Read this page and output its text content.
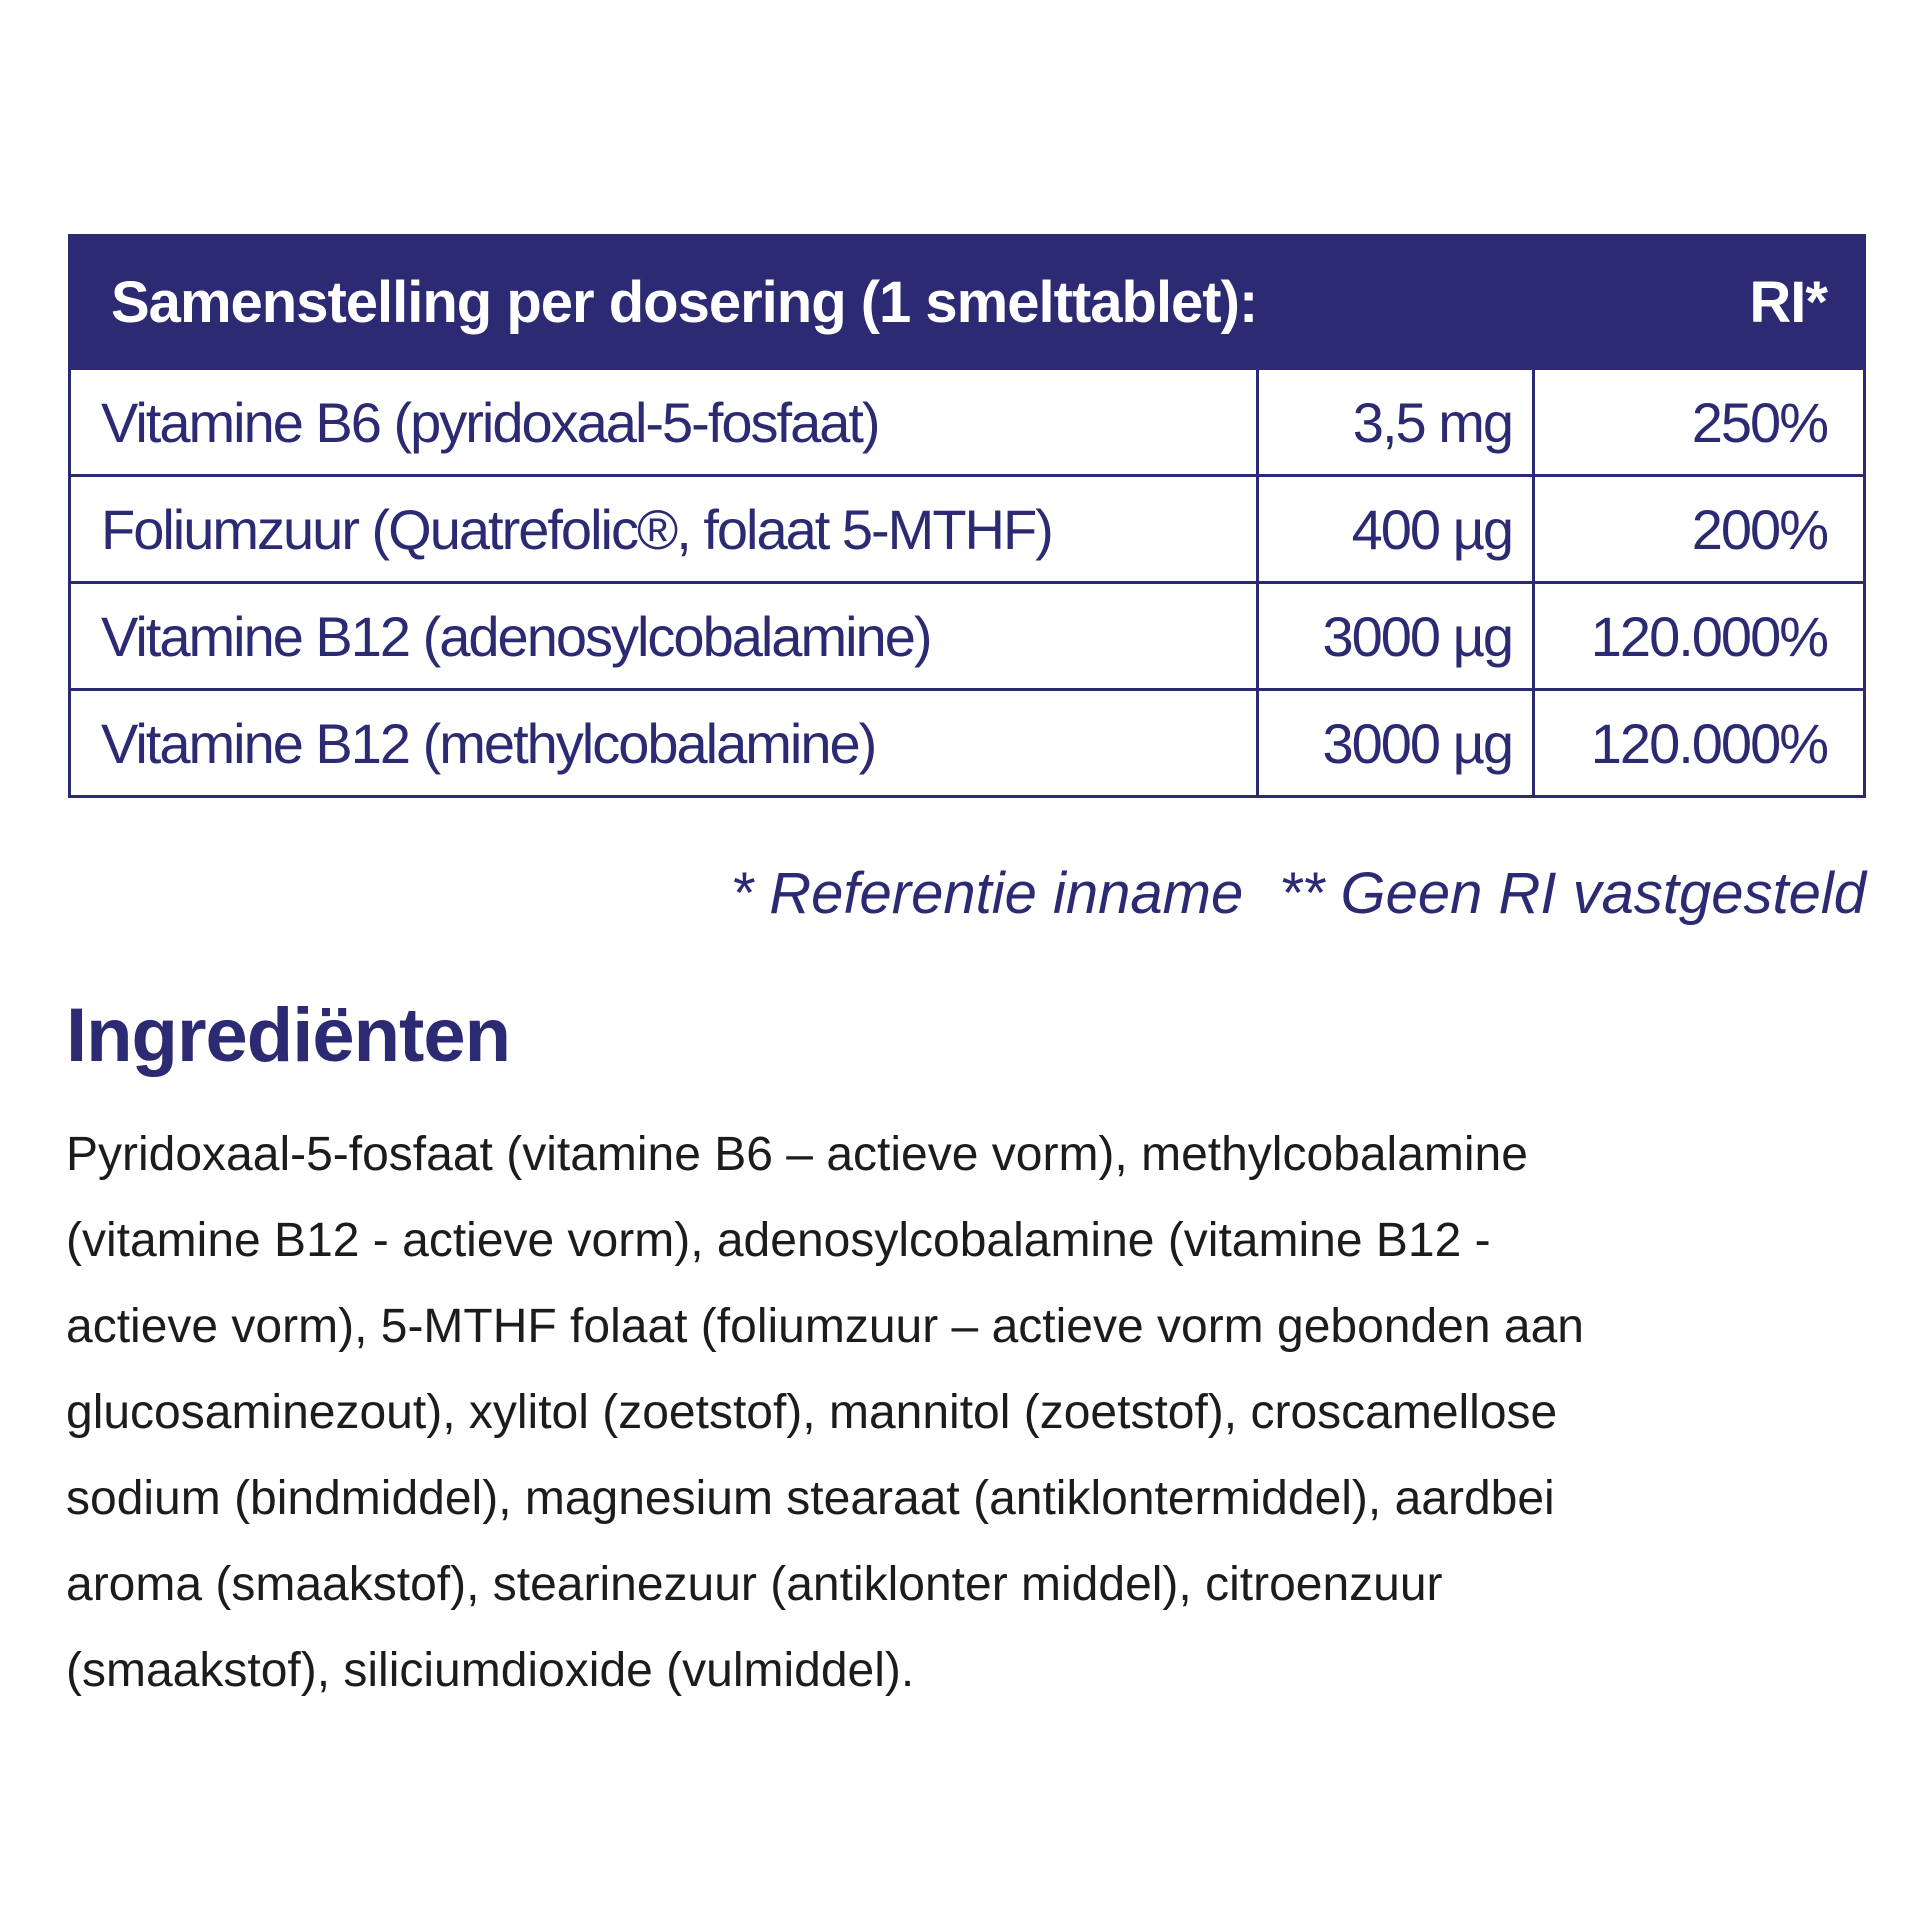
Samenstelling per dosering (1 smelttablet):	RI*
Vitamine B6 (pyridoxaal-5-fosfaat)	3,5 mg	250%
Foliumzuur (Quatrefolic®, folaat 5-MTHF)	400 µg	200%
Vitamine B12 (adenosylcobalamine)	3000 µg 120.000%
Vitamine B12 (methylcobalamine)	3000 µg 120.000%
* Referentie inname ** Geen RI vastgesteld
Ingrediënten
Pyridoxaal-5-fosfaat (vitamine B6 – actieve vorm), methylcobalamine
(vitamine B12 - actieve vorm), adenosylcobalamine (vitamine B12 -
actieve vorm), 5-MTHF folaat (foliumzuur – actieve vorm gebonden aan
glucosaminezout), xylitol (zoetstof), mannitol (zoetstof), croscamellose
sodium (bindmiddel), magnesium stearaat (antiklontermiddel), aardbei
aroma (smaakstof), stearinezuur (antiklonter middel), citroenzuur
(smaakstof), siliciumdioxide (vulmiddel).
